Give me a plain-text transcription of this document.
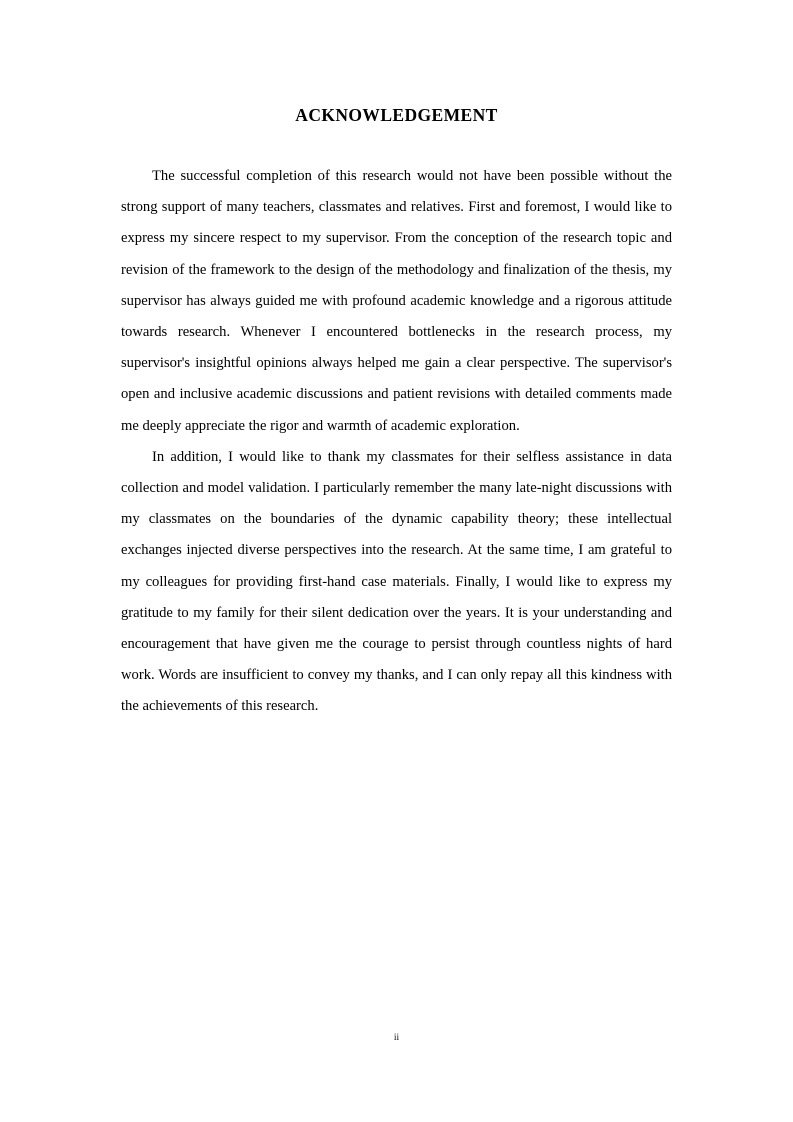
ACKNOWLEDGEMENT

The successful completion of this research would not have been possible without the strong support of many teachers, classmates and relatives. First and foremost, I would like to express my sincere respect to my supervisor. From the conception of the research topic and revision of the framework to the design of the methodology and finalization of the thesis, my supervisor has always guided me with profound academic knowledge and a rigorous attitude towards research. Whenever I encountered bottlenecks in the research process, my supervisor's insightful opinions always helped me gain a clear perspective. The supervisor's open and inclusive academic discussions and patient revisions with detailed comments made me deeply appreciate the rigor and warmth of academic exploration.

In addition, I would like to thank my classmates for their selfless assistance in data collection and model validation. I particularly remember the many late-night discussions with my classmates on the boundaries of the dynamic capability theory; these intellectual exchanges injected diverse perspectives into the research. At the same time, I am grateful to my colleagues for providing first-hand case materials. Finally, I would like to express my gratitude to my family for their silent dedication over the years. It is your understanding and encouragement that have given me the courage to persist through countless nights of hard work. Words are insufficient to convey my thanks, and I can only repay all this kindness with the achievements of this research.

ii
